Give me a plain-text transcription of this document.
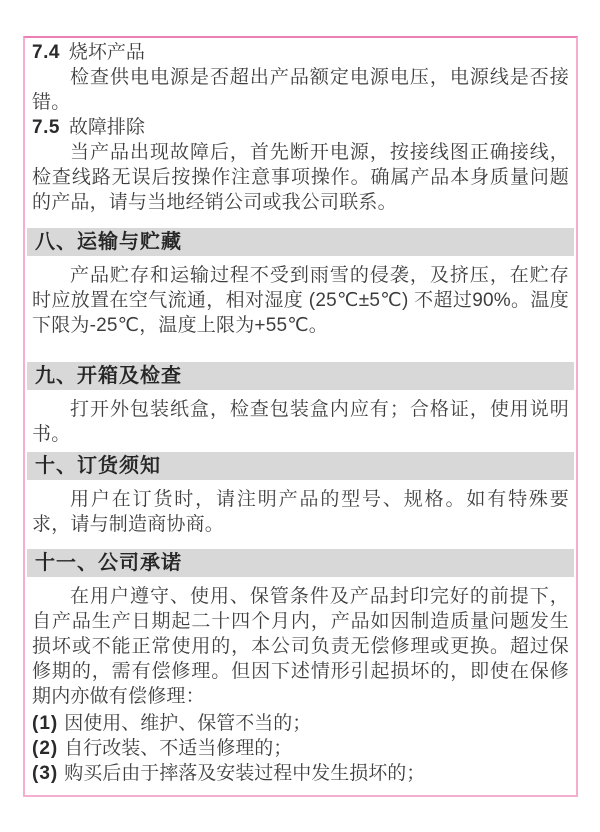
7.4 烧坏产品

检查供电电源是否超出产品额定电源电压，电源线是否接错。

7.5 故障排除

当产品出现故障后，首先断开电源，按接线图正确接线，检查线路无误后按操作注意事项操作。确属产品本身质量问题的产品，请与当地经销公司或我公司联系。

八、运输与贮藏

产品贮存和运输过程不受到雨雪的侵袭，及挤压，在贮存时应放置在空气流通，相对湿度 (25℃±5℃) 不超过90%。温度下限为-25℃，温度上限为+55℃。

九、开箱及检查

打开外包装纸盒，检查包装盒内应有；合格证，使用说明书。

十、订货须知

用户在订货时，请注明产品的型号、规格。如有特殊要求，请与制造商协商。

十一、公司承诺

在用户遵守、使用、保管条件及产品封印完好的前提下，自产品生产日期起二十四个月内，产品如因制造质量问题发生损坏或不能正常使用的，本公司负责无偿修理或更换。超过保修期的，需有偿修理。但因下述情形引起损坏的，即使在保修期内亦做有偿修理：

(1) 因使用、维护、保管不当的；

(2) 自行改装、不适当修理的；

(3) 购买后由于摔落及安装过程中发生损坏的；
